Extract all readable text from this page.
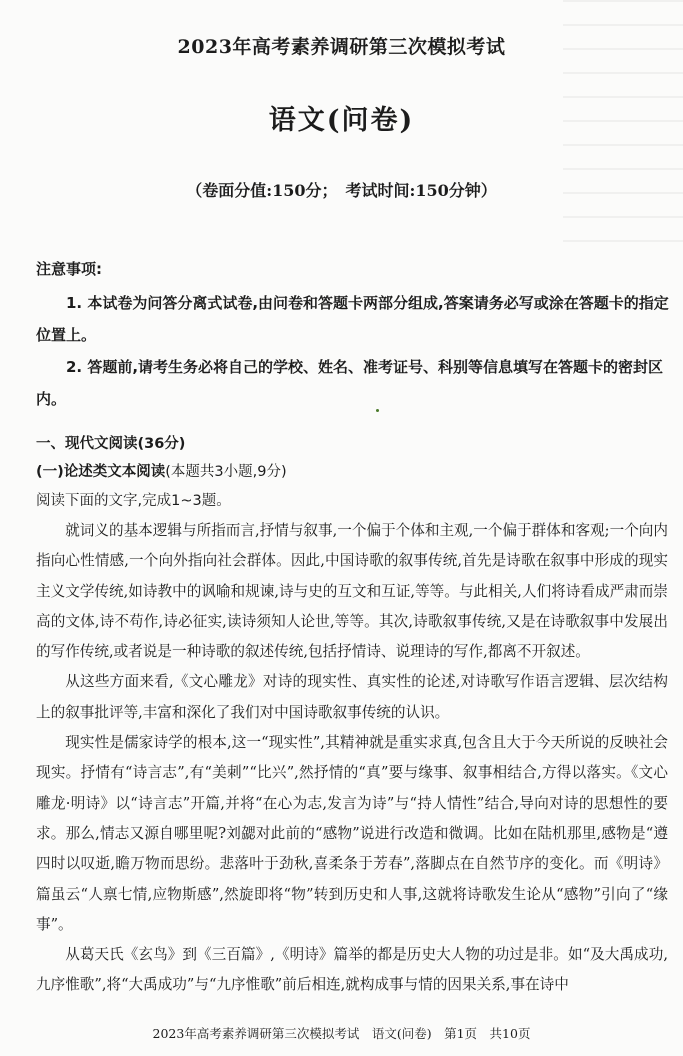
2023年高考素养调研第三次模拟考试
语文(问卷)
（卷面分值:150分；　考试时间:150分钟）
注意事项:

1. 本试卷为问答分离式试卷,由问卷和答题卡两部分组成,答案请务必写或涂在答题卡的指定位置上。

2. 答题前,请考生务必将自己的学校、姓名、准考证号、科别等信息填写在答题卡的密封区内。

一、现代文阅读(36分)
(一)论述类文本阅读(本题共3小题,9分)
阅读下面的文字,完成1~3题。

就词义的基本逻辑与所指而言,抒情与叙事,一个偏于个体和主观,一个偏于群体和客观;一个向内指向心性情感,一个向外指向社会群体。因此,中国诗歌的叙事传统,首先是诗歌在叙事中形成的现实主义文学传统,如诗教中的讽喻和规谏,诗与史的互文和互证,等等。与此相关,人们将诗看成严肃而崇高的文体,诗不苟作,诗必征实,读诗须知人论世,等等。其次,诗歌叙事传统,又是在诗歌叙事中发展出的写作传统,或者说是一种诗歌的叙述传统,包括抒情诗、说理诗的写作,都离不开叙述。

从这些方面来看,《文心雕龙》对诗的现实性、真实性的论述,对诗歌写作语言逻辑、层次结构上的叙事批评等,丰富和深化了我们对中国诗歌叙事传统的认识。

现实性是儒家诗学的根本,这一“现实性”,其精神就是重实求真,包含且大于今天所说的反映社会现实。抒情有“诗言志”,有“美刺”“比兴”,然抒情的“真”要与缘事、叙事相结合,方得以落实。《文心雕龙·明诗》以“诗言志”开篇,并将“在心为志,发言为诗”与“持人情性”结合,导向对诗的思想性的要求。那么,情志又源自哪里呢?刘勰对此前的“感物”说进行改造和微调。比如在陆机那里,感物是“遵四时以叹逝,瞻万物而思纷。悲落叶于劲秋,喜柔条于芳春”,落脚点在自然节序的变化。而《明诗》篇虽云“人禀七情,应物斯感”,然旋即将“物”转到历史和人事,这就将诗歌发生论从“感物”引向了“缘事”。

从葛天氏《玄鸟》到《三百篇》,《明诗》篇举的都是历史大人物的功过是非。如“及大禹成功,九序惟歌”,将“大禹成功”与“九序惟歌”前后相连,就构成事与情的因果关系,事在诗中

2023年高考素养调研第三次模拟考试　语文(问卷)　第1页　共10页
